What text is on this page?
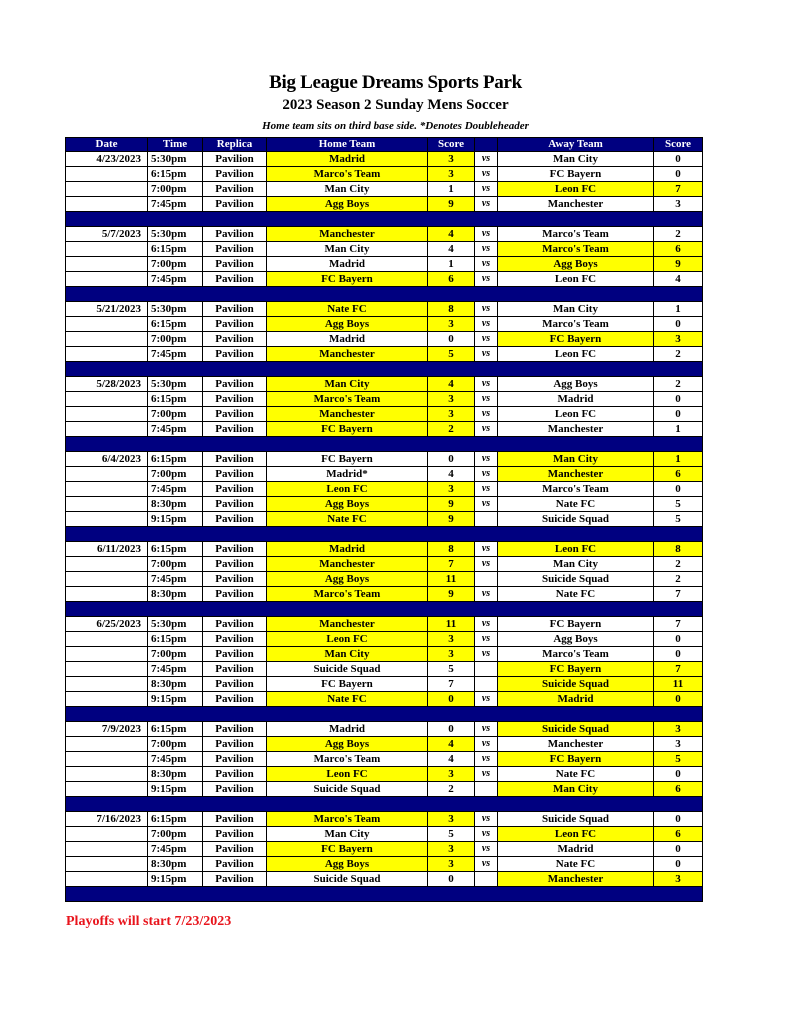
Big League Dreams Sports Park
2023 Season 2 Sunday Mens Soccer
Home team sits on third base side. *Denotes Doubleheader
Date	Time	Replica	Home Team	Score		Away Team	Score
4/23/2023	5:30pm	Pavilion	Madrid	3	vs	Man City	0
	6:15pm	Pavilion	Marco's Team	3	vs	FC Bayern	0
	7:00pm	Pavilion	Man City	1	vs	Leon FC	7
	7:45pm	Pavilion	Agg Boys	9	vs	Manchester	3

5/7/2023	5:30pm	Pavilion	Manchester	4	vs	Marco's Team	2
	6:15pm	Pavilion	Man City	4	vs	Marco's Team	6
	7:00pm	Pavilion	Madrid	1	vs	Agg Boys	9
	7:45pm	Pavilion	FC Bayern	6	vs	Leon FC	4

5/21/2023	5:30pm	Pavilion	Nate FC	8	vs	Man City	1
	6:15pm	Pavilion	Agg Boys	3	vs	Marco's Team	0
	7:00pm	Pavilion	Madrid	0	vs	FC Bayern	3
	7:45pm	Pavilion	Manchester	5	vs	Leon FC	2

5/28/2023	5:30pm	Pavilion	Man City	4	vs	Agg Boys	2
	6:15pm	Pavilion	Marco's Team	3	vs	Madrid	0
	7:00pm	Pavilion	Manchester	3	vs	Leon FC	0
	7:45pm	Pavilion	FC Bayern	2	vs	Manchester	1

6/4/2023	6:15pm	Pavilion	FC Bayern	0	vs	Man City	1
	7:00pm	Pavilion	Madrid*	4	vs	Manchester	6
	7:45pm	Pavilion	Leon FC	3	vs	Marco's Team	0
	8:30pm	Pavilion	Agg Boys	9	vs	Nate FC	5
	9:15pm	Pavilion	Nate FC	9		Suicide Squad	5

6/11/2023	6:15pm	Pavilion	Madrid	8	vs	Leon FC	8
	7:00pm	Pavilion	Manchester	7	vs	Man City	2
	7:45pm	Pavilion	Agg Boys	11		Suicide Squad	2
	8:30pm	Pavilion	Marco's Team	9	vs	Nate FC	7

6/25/2023	5:30pm	Pavilion	Manchester	11	vs	FC Bayern	7
	6:15pm	Pavilion	Leon FC	3	vs	Agg Boys	0
	7:00pm	Pavilion	Man City	3	vs	Marco's Team	0
	7:45pm	Pavilion	Suicide Squad	5		FC Bayern	7
	8:30pm	Pavilion	FC Bayern	7		Suicide Squad	11
	9:15pm	Pavilion	Nate FC	0	vs	Madrid	0

7/9/2023	6:15pm	Pavilion	Madrid	0	vs	Suicide Squad	3
	7:00pm	Pavilion	Agg Boys	4	vs	Manchester	3
	7:45pm	Pavilion	Marco's Team	4	vs	FC Bayern	5
	8:30pm	Pavilion	Leon FC	3	vs	Nate FC	0
	9:15pm	Pavilion	Suicide Squad	2		Man City	6

7/16/2023	6:15pm	Pavilion	Marco's Team	3	vs	Suicide Squad	0
	7:00pm	Pavilion	Man City	5	vs	Leon FC	6
	7:45pm	Pavilion	FC Bayern	3	vs	Madrid	0
	8:30pm	Pavilion	Agg Boys	3	vs	Nate FC	0
	9:15pm	Pavilion	Suicide Squad	0		Manchester	3

Playoffs will start 7/23/2023
